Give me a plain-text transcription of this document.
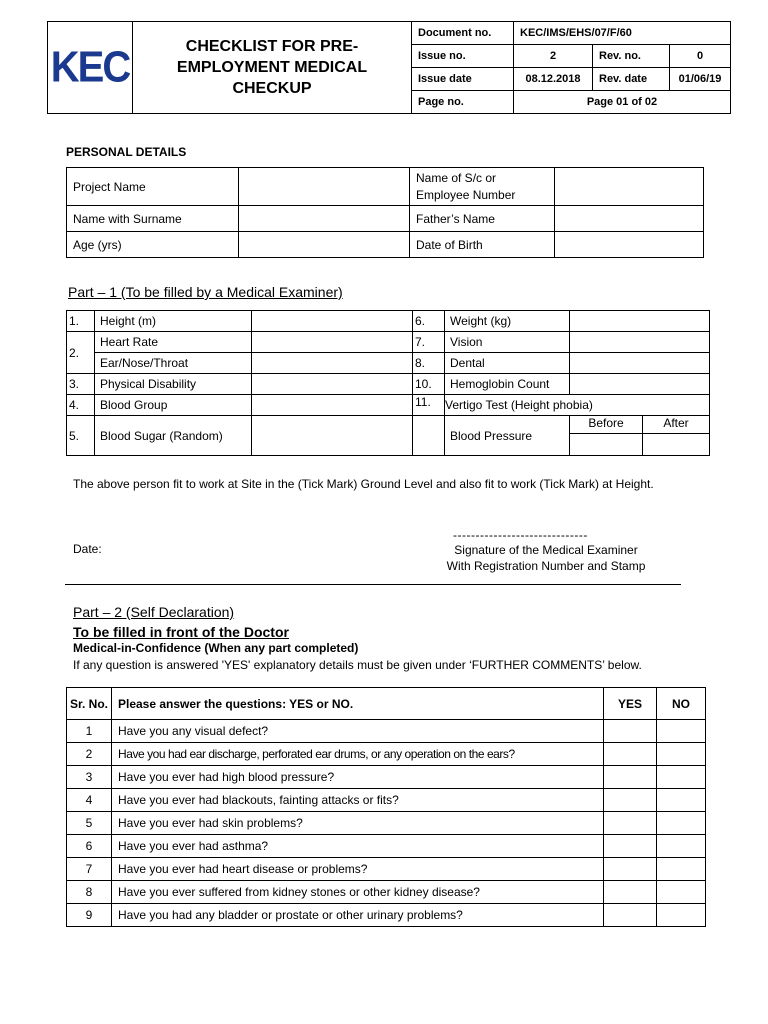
KEC	CHECKLIST FOR PRE-
EMPLOYMENT MEDICAL
CHECKUP	Document no.	KEC/IMS/EHS/07/F/60		
		Issue no.	2	Rev. no.	0
		Issue date	08.12.2018	Rev. date	01/06/19
		Page no.	Page 01 of 02		
PERSONAL DETAILS
Project Name		Name of S/c or
Employee Number	

Name with Surname		Father’s Name	
Age (yrs)		Date of Birth	
Part – 1 (To be filled by a Medical Examiner)
1.	Height (m)		6.	Weight (kg)		
2.	Heart Rate		7.	Vision		
	Ear/Nose/Throat		8.	Dental		
3.	Physical Disability		10.	Hemoglobin Count		
4.	Blood Group		11.	Vertigo Test (Height phobia)		
5.	Blood Sugar (Random)			Blood Pressure	Before	After

The above person fit to work at Site in the (Tick Mark) Ground Level and also fit to work (Tick Mark) at Height.
Date:
------------------------------
Signature of the Medical Examiner
With Registration Number and Stamp
Part – 2 (Self Declaration)
To be filled in front of the Doctor
Medical-in-Confidence (When any part completed)
If any question is answered 'YES' explanatory details must be given under ‘FURTHER COMMENTS’ below.
Sr. No.	Please answer the questions: YES or NO.	YES	NO
1	Have you any visual defect?		
2	Have you had ear discharge, perforated ear drums, or any operation on the ears?		
3	Have you ever had high blood pressure?		
4	Have you ever had blackouts, fainting attacks or fits?		
5	Have you ever had skin problems?		
6	Have you ever had asthma?		
7	Have you ever had heart disease or problems?		
8	Have you ever suffered from kidney stones or other kidney disease?		
9	Have you had any bladder or prostate or other urinary problems?		
